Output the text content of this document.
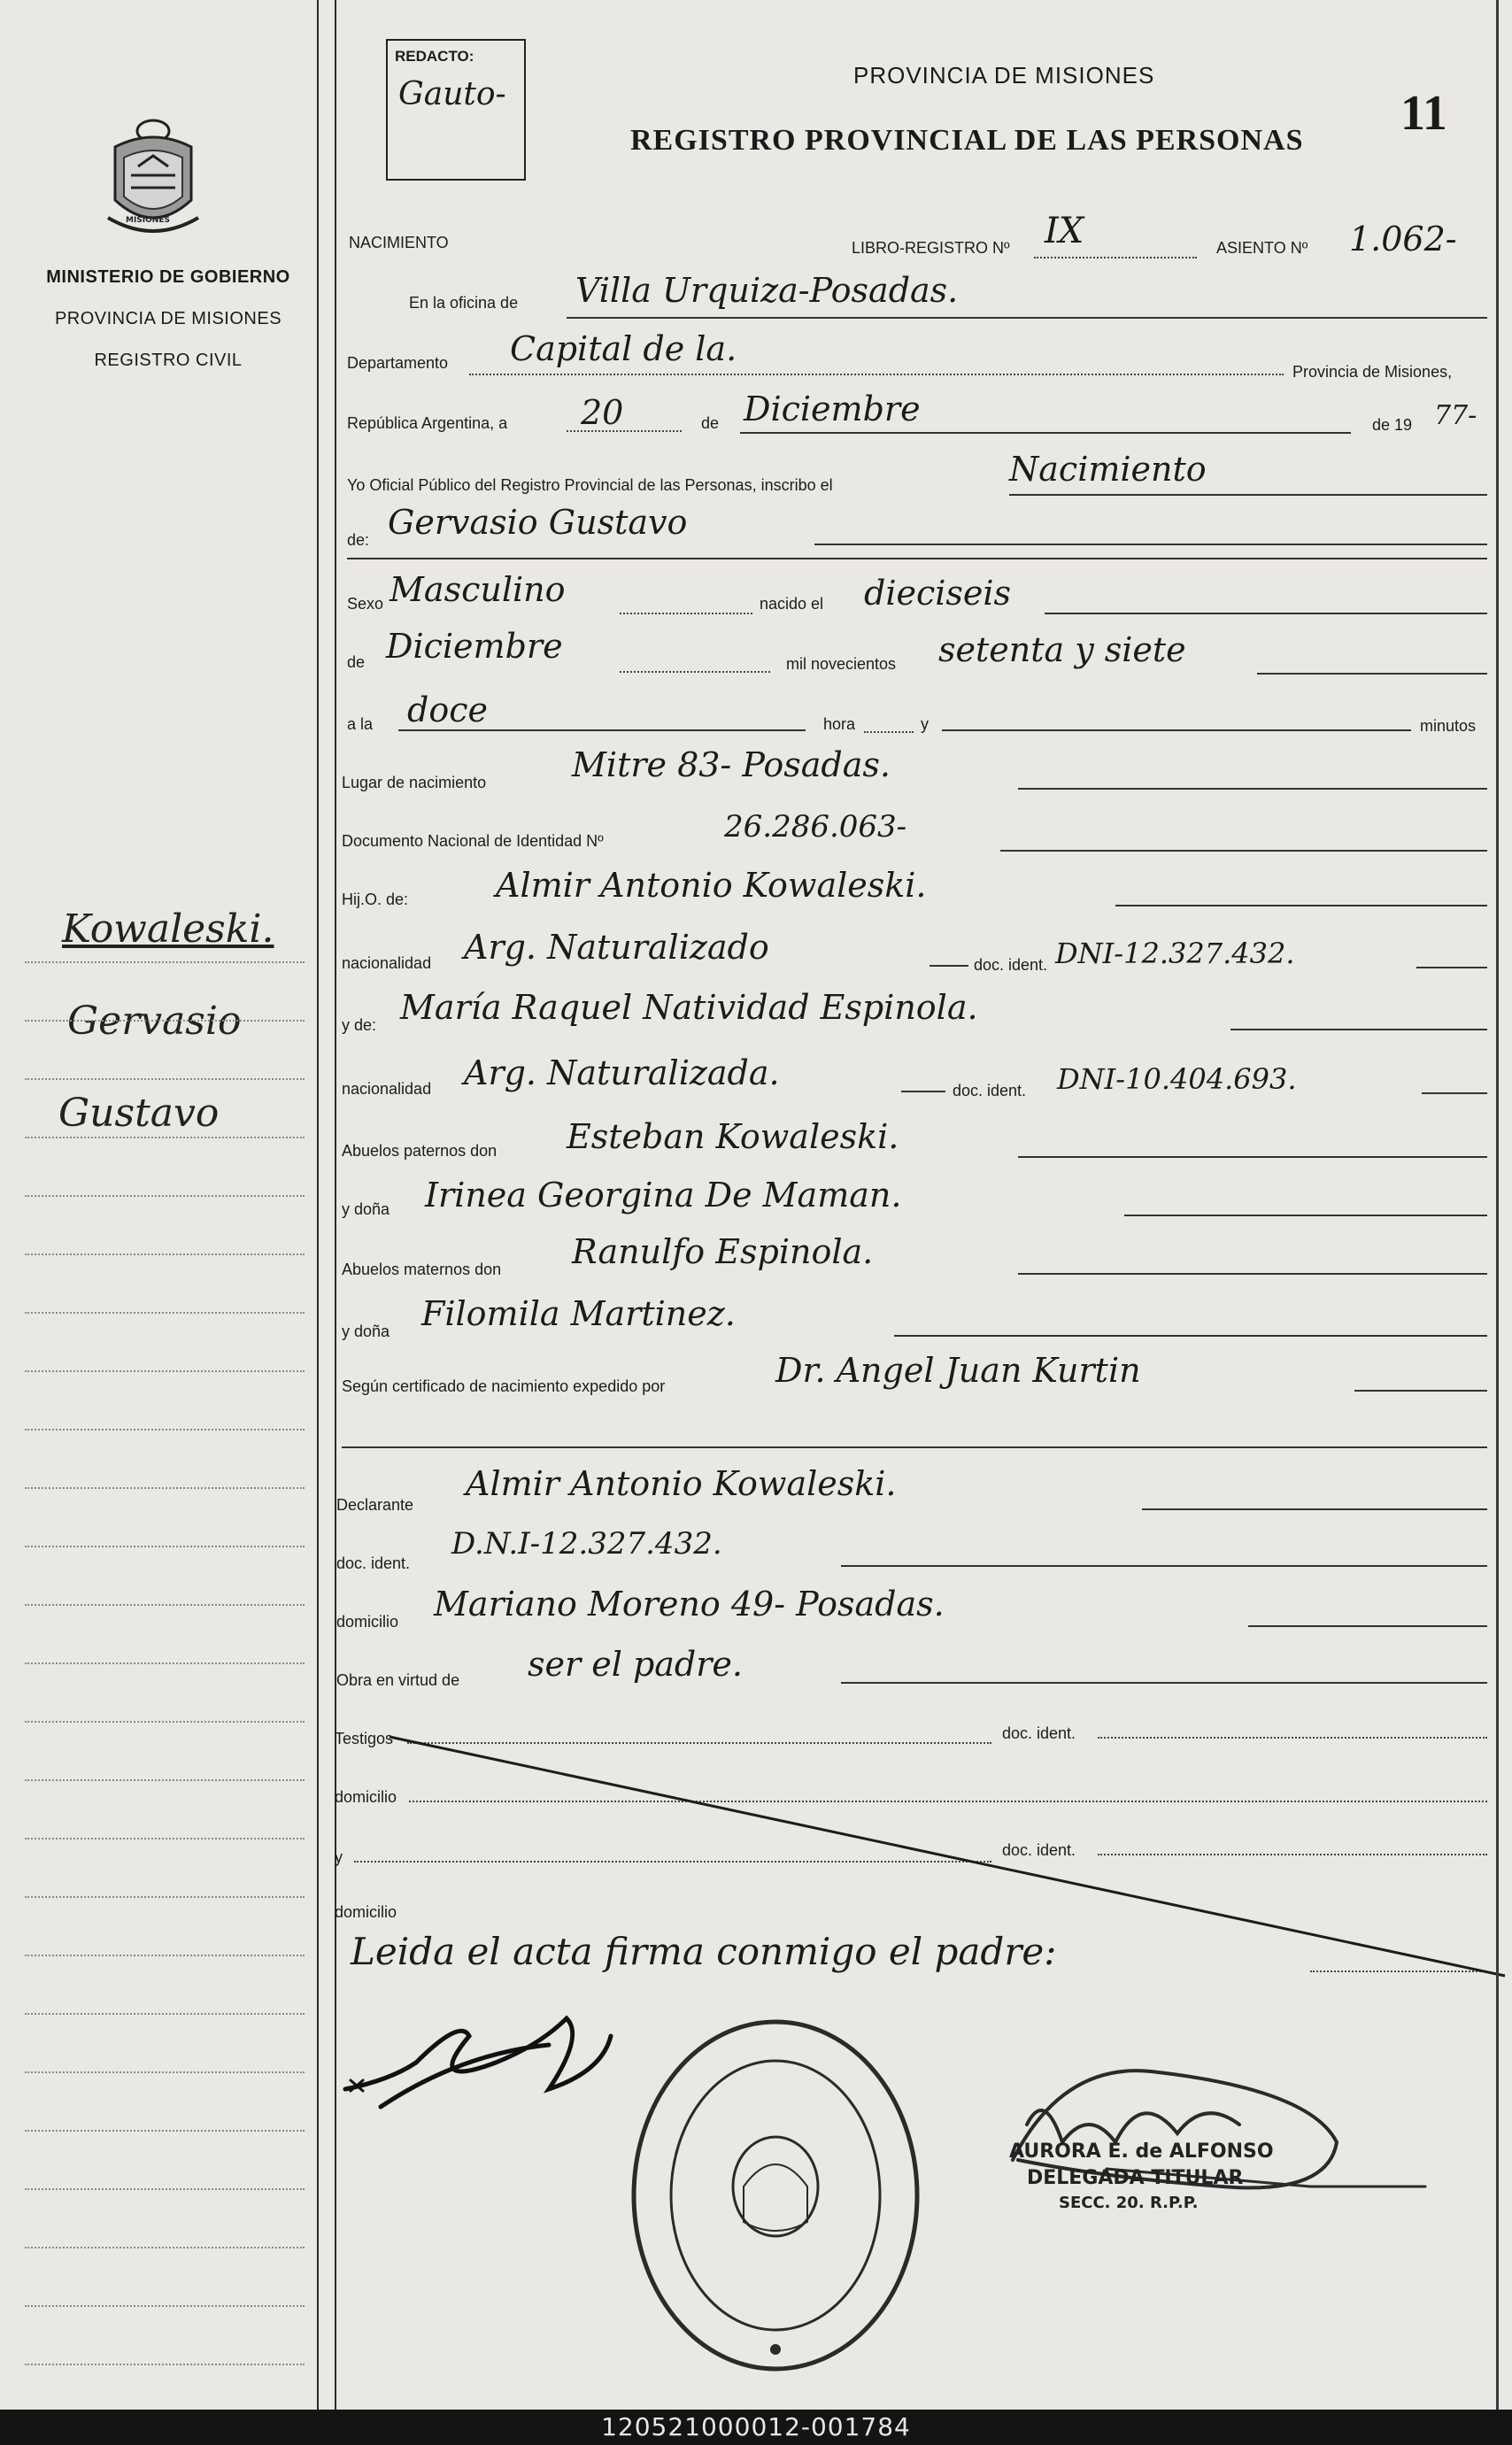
MISIONES
MINISTERIO DE GOBIERNO
PROVINCIA DE MISIONES
REGISTRO CIVIL
Kowaleski.
Gervasio
Gustavo
REDACTO:
Gauto-
PROVINCIA DE MISIONES
REGISTRO PROVINCIAL DE LAS PERSONAS 11
NACIMIENTO	LIBRO-REGISTRO Nº IX	ASIENTO Nº 1.062-
En la oficina de Villa Urquiza-Posadas.
Departamento Capital de la.
Provincia de Misiones,
República Argentina, a 20	de Diciembre	de 19 77-
Yo Oficial Público del Registro Provincial de las Personas, inscribo el	Nacimiento
de: Gervasio Gustavo
Sexo Masculino	nacido el dieciseis
de Diciembre	mil novecientos setenta y siete
a la doce	hora	y	minutos
Lugar de nacimiento	Mitre 83- Posadas.
Documento Nacional de Identidad Nº	26.286.063-
Hij.O. de:	Almir Antonio Kowaleski.
nacionalidad Arg. Naturalizado	doc. ident. DNI-12.327.432.
y de: María Raquel Natividad Espinola.
nacionalidad Arg. Naturalizada.	doc. ident. DNI-10.404.693.
Abuelos paternos don Esteban Kowaleski.
y doña Irinea Georgina De Maman.
Abuelos maternos don Ranulfo Espinola.
y doña Filomila Martinez.
Según certificado de nacimiento expedido por	Dr. Angel Juan Kurtin
Declarante
Almir Antonio Kowaleski.
doc. ident.
D.N.I-12.327.432.
domicilio Mariano Moreno 49- Posadas.
Obra en virtud de ser el padre.
Testigos	doc. ident.
domicilio
y	doc. ident.
domicilio
Leida el acta firma conmigo el padre:
AURORA E. de ALFONSO
DELEGADA TITULAR
SECC. 20. R.P.P.
120521000012-001784
